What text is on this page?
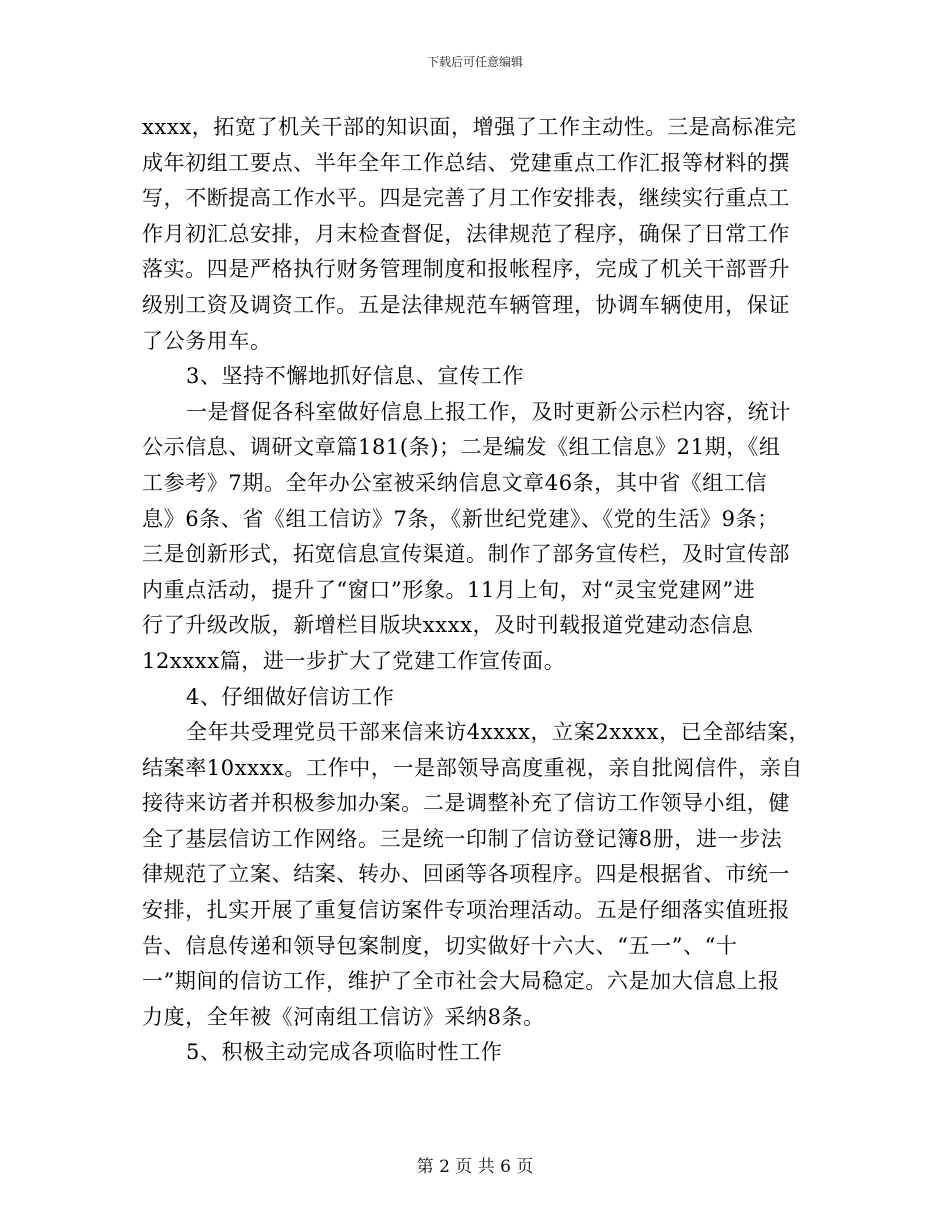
下载后可任意编辑
xxxx，拓宽了机关干部的知识面，增强了工作主动性。三是高标准完
成年初组工要点、半年全年工作总结、党建重点工作汇报等材料的撰
写，不断提高工作水平。四是完善了月工作安排表，继续实行重点工
作月初汇总安排，月末检查督促，法律规范了程序，确保了日常工作
落实。四是严格执行财务管理制度和报帐程序，完成了机关干部晋升
级别工资及调资工作。五是法律规范车辆管理，协调车辆使用，保证
了公务用车。
3、坚持不懈地抓好信息、宣传工作
一是督促各科室做好信息上报工作，及时更新公示栏内容，统计
公示信息、调研文章篇181(条)；二是编发《组工信息》21期，《组
工参考》7期。全年办公室被采纳信息文章46条，其中省《组工信
息》6条、省《组工信访》7条，《新世纪党建》、《党的生活》9条；
三是创新形式，拓宽信息宣传渠道。制作了部务宣传栏，及时宣传部
内重点活动，提升了“窗口”形象。11月上旬，对“灵宝党建网”进
行了升级改版，新增栏目版块xxxx，及时刊载报道党建动态信息
12xxxx篇，进一步扩大了党建工作宣传面。
4、仔细做好信访工作
全年共受理党员干部来信来访4xxxx，立案2xxxx，已全部结案，
结案率10xxxx。工作中，一是部领导高度重视，亲自批阅信件，亲自
接待来访者并积极参加办案。二是调整补充了信访工作领导小组，健
全了基层信访工作网络。三是统一印制了信访登记簿8册，进一步法
律规范了立案、结案、转办、回函等各项程序。四是根据省、市统一
安排，扎实开展了重复信访案件专项治理活动。五是仔细落实值班报
告、信息传递和领导包案制度，切实做好十六大、“五一”、“十
一”期间的信访工作，维护了全市社会大局稳定。六是加大信息上报
力度，全年被《河南组工信访》采纳8条。
5、积极主动完成各项临时性工作
第 2 页 共 6 页
